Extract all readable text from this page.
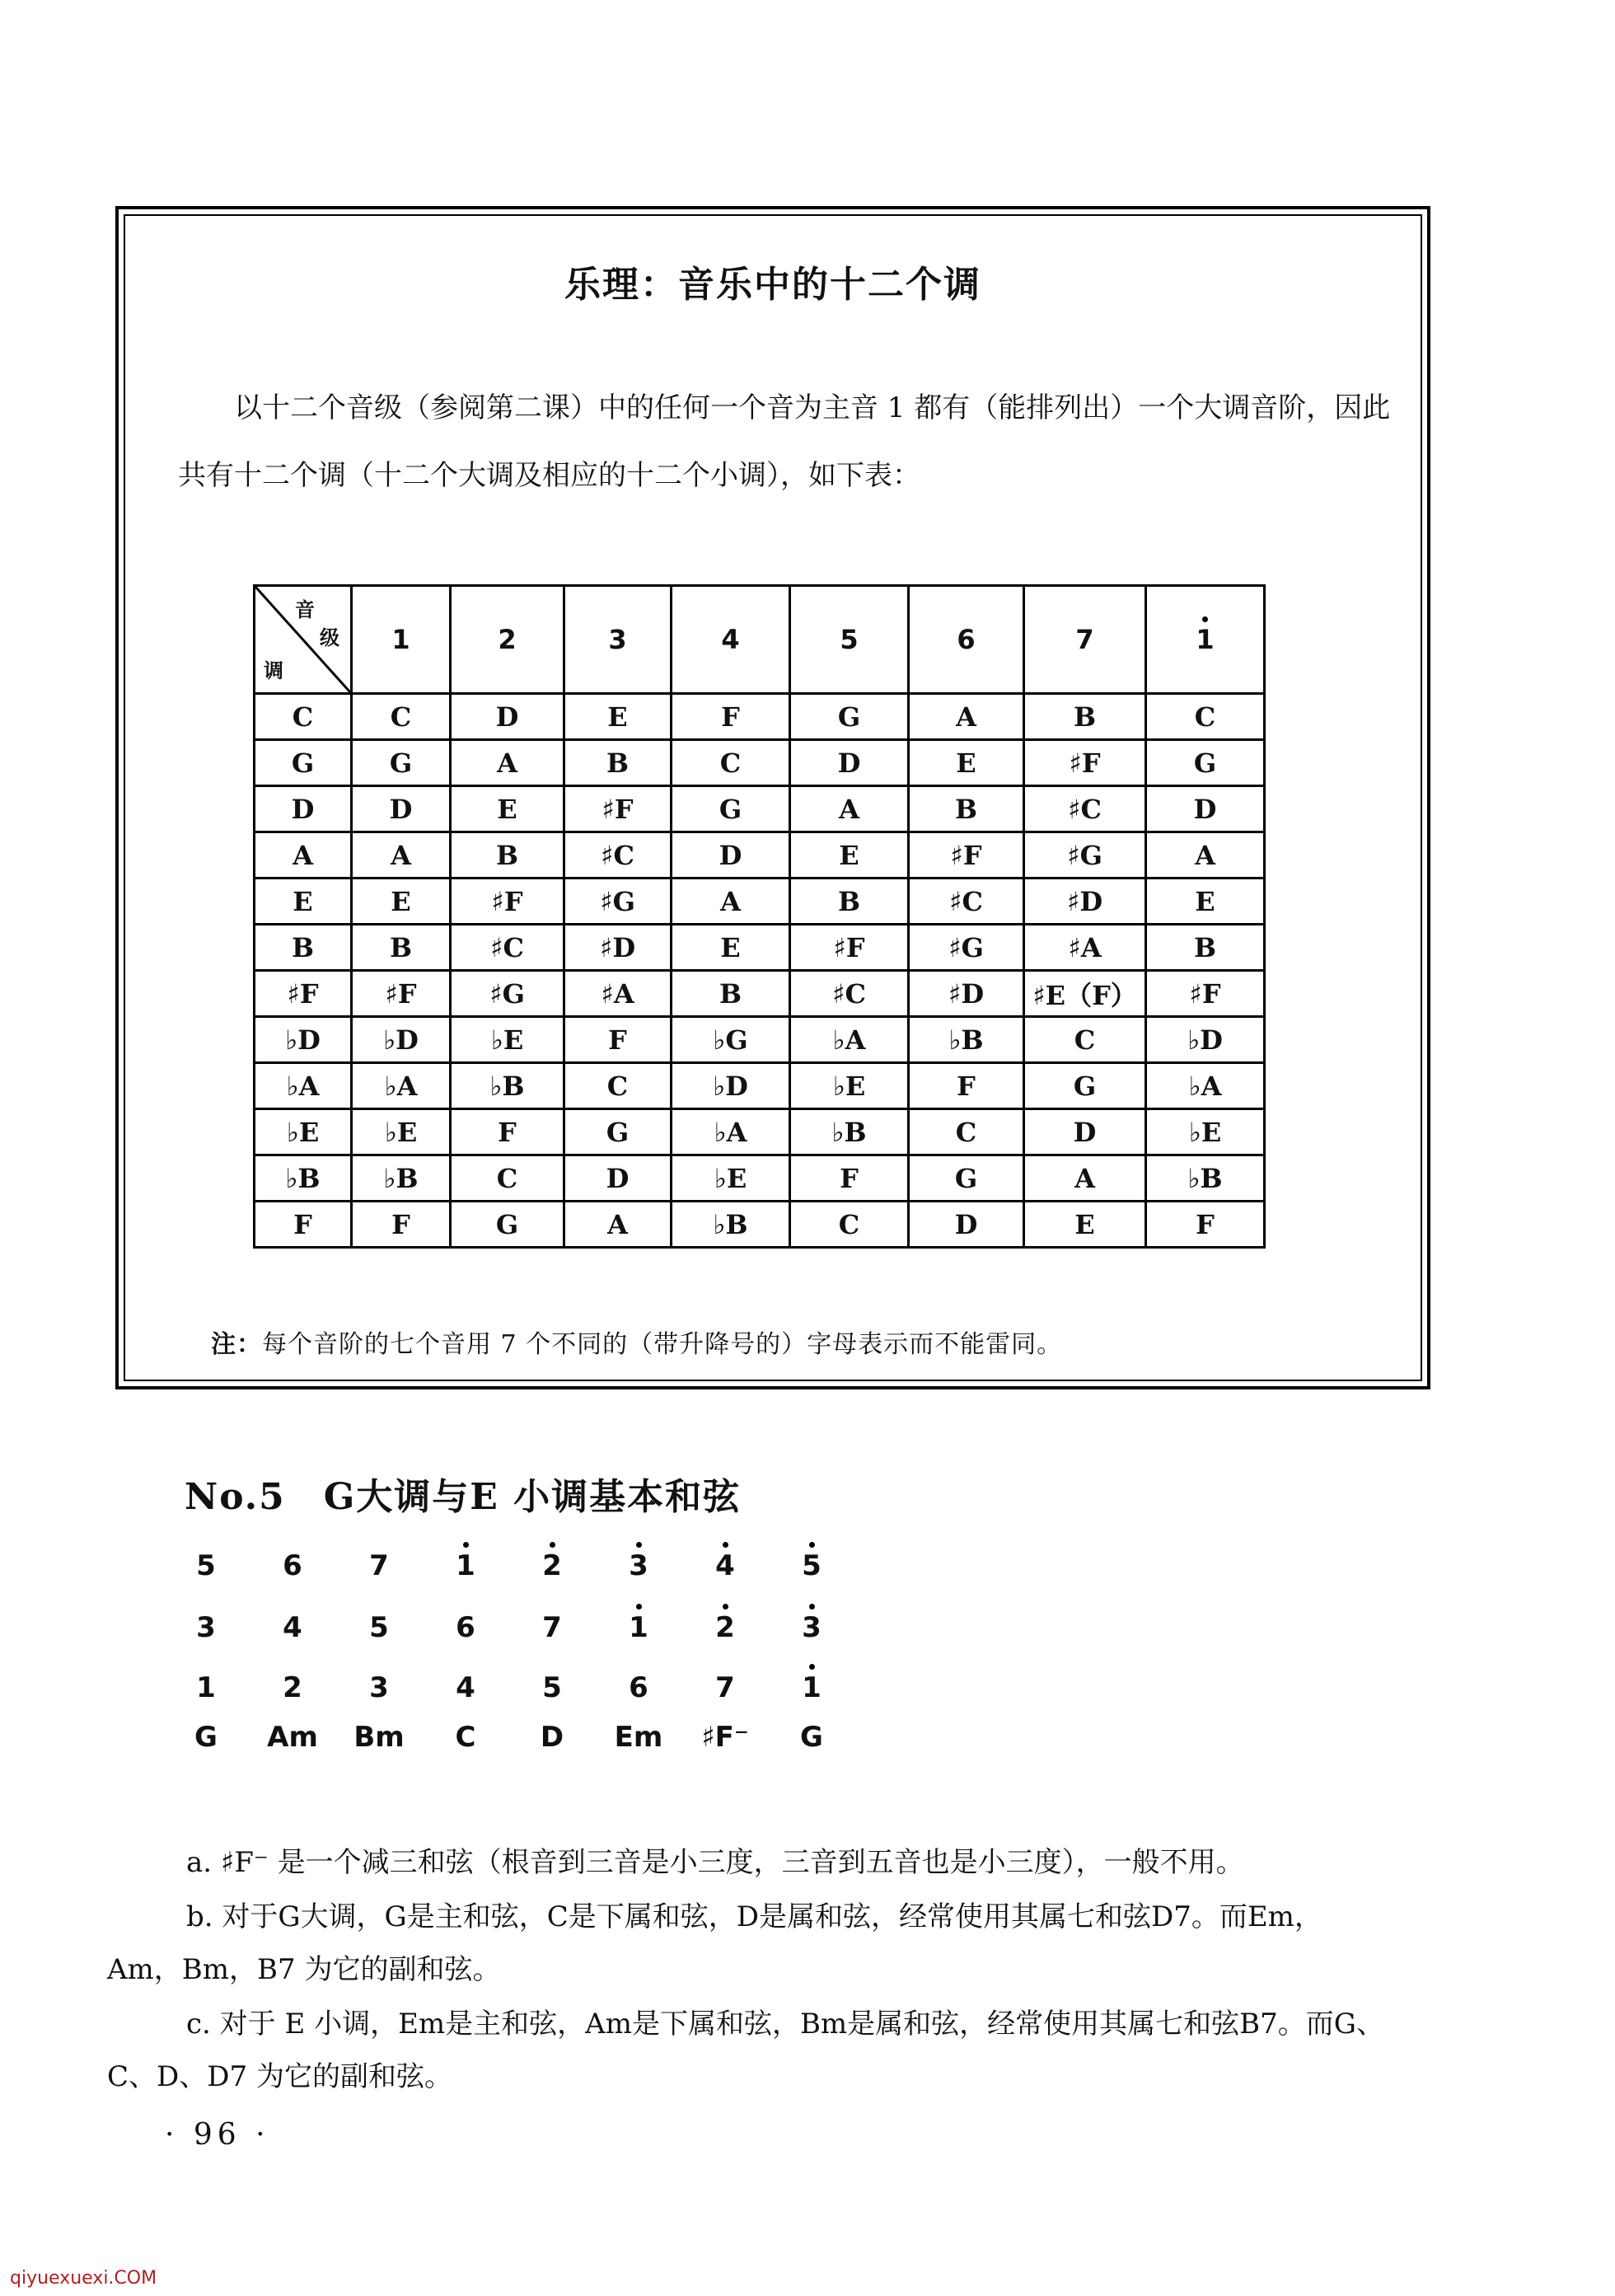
乐理：音乐中的十二个调
以十二个音级（参阅第二课）中的任何一个音为主音 1 都有（能排列出）一个大调音阶，因此共有十二个调（十二个大调及相应的十二个小调），如下表：
音
级
调	1	2	3	4	5	6	7	1
C	C	D	E	F	G	A	B	C
G	G	A	B	C	D	E	♯F	G
D	D	E	♯F	G	A	B	♯C	D
A	A	B	♯C	D	E	♯F	♯G	A
E	E	♯F	♯G	A	B	♯C	♯D	E
B	B	♯C	♯D	E	♯F	♯G	♯A	B
♯F	♯F	♯G	♯A	B	♯C	♯D	♯E（F）	♯F
♭D	♭D	♭E	F	♭G	♭A	♭B	C	♭D
♭A	♭A	♭B	C	♭D	♭E	F	G	♭A
♭E	♭E	F	G	♭A	♭B	C	D	♭E
♭B	♭B	C	D	♭E	F	G	A	♭B
F	F	G	A	♭B	C	D	E	F
注：每个音阶的七个音用 7 个不同的（带升降号的）字母表示而不能雷同。
No.5　G大调与E 小调基本和弦
5	6	7	1	2	3	4	5
3	4	5	6	7	1	2	3
1	2	3	4	5	6	7	1
G	Am	Bm	C	D	Em	♯F⁻	G

a. ♯F⁻ 是一个减三和弦（根音到三音是小三度，三音到五音也是小三度），一般不用。

b. 对于G大调，G是主和弦，C是下属和弦，D是属和弦，经常使用其属七和弦D7。而Em，Am，Bm，B7 为它的副和弦。

c. 对于 E 小调，Em是主和弦，Am是下属和弦，Bm是属和弦，经常使用其属七和弦B7。而G、C、D、D7 为它的副和弦。

· 96 ·
qiyuexuexi.COM
